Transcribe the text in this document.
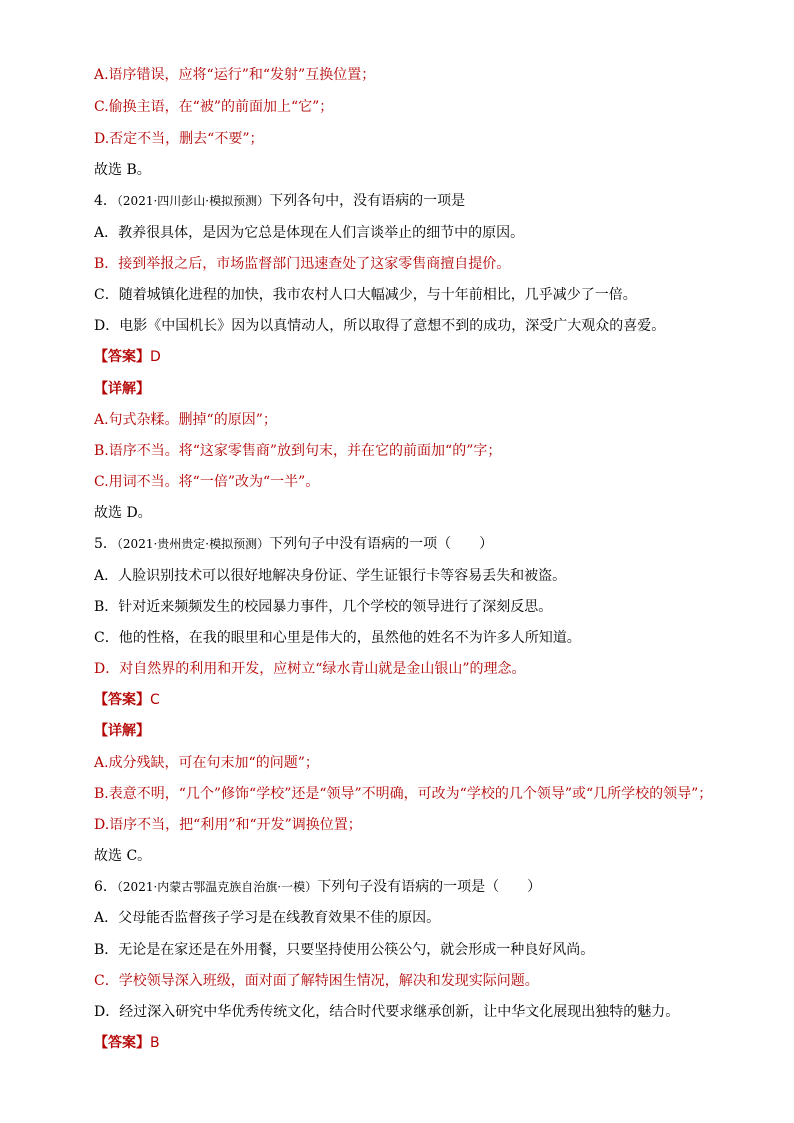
A.语序错误，应将“运行”和“发射”互换位置；
C.偷换主语，在“被”的前面加上“它”；
D.否定不当，删去“不要”；
故选 B。
4．（2021·四川彭山·模拟预测）下列各句中，没有语病的一项是
A．教养很具体，是因为它总是体现在人们言谈举止的细节中的原因。
B．接到举报之后，市场监督部门迅速查处了这家零售商擅自提价。
C．随着城镇化进程的加快，我市农村人口大幅减少，与十年前相比，几乎减少了一倍。
D．电影《中国机长》因为以真情动人，所以取得了意想不到的成功，深受广大观众的喜爱。
【答案】D
【详解】
A.句式杂糅。删掉“的原因”；
B.语序不当。将“这家零售商”放到句末，并在它的前面加“的”字；
C.用词不当。将“一倍”改为“一半”。
故选 D。
5．（2021·贵州贵定·模拟预测）下列句子中没有语病的一项（　　）
A．人脸识别技术可以很好地解决身份证、学生证银行卡等容易丢失和被盗。
B．针对近来频频发生的校园暴力事件，几个学校的领导进行了深刻反思。
C．他的性格，在我的眼里和心里是伟大的，虽然他的姓名不为许多人所知道。
D．对自然界的利用和开发，应树立“绿水青山就是金山银山”的理念。
【答案】C
【详解】
A.成分残缺，可在句末加“的问题”；
B.表意不明，“几个”修饰“学校”还是“领导”不明确，可改为“学校的几个领导”或“几所学校的领导”；
D.语序不当，把“利用”和“开发”调换位置；
故选 C。
6．（2021·内蒙古鄂温克族自治旗·一模）下列句子没有语病的一项是（　　）
A．父母能否监督孩子学习是在线教育效果不佳的原因。
B．无论是在家还是在外用餐，只要坚持使用公筷公勺，就会形成一种良好风尚。
C．学校领导深入班级，面对面了解特困生情况，解决和发现实际问题。
D．经过深入研究中华优秀传统文化，结合时代要求继承创新，让中华文化展现出独特的魅力。
【答案】B
